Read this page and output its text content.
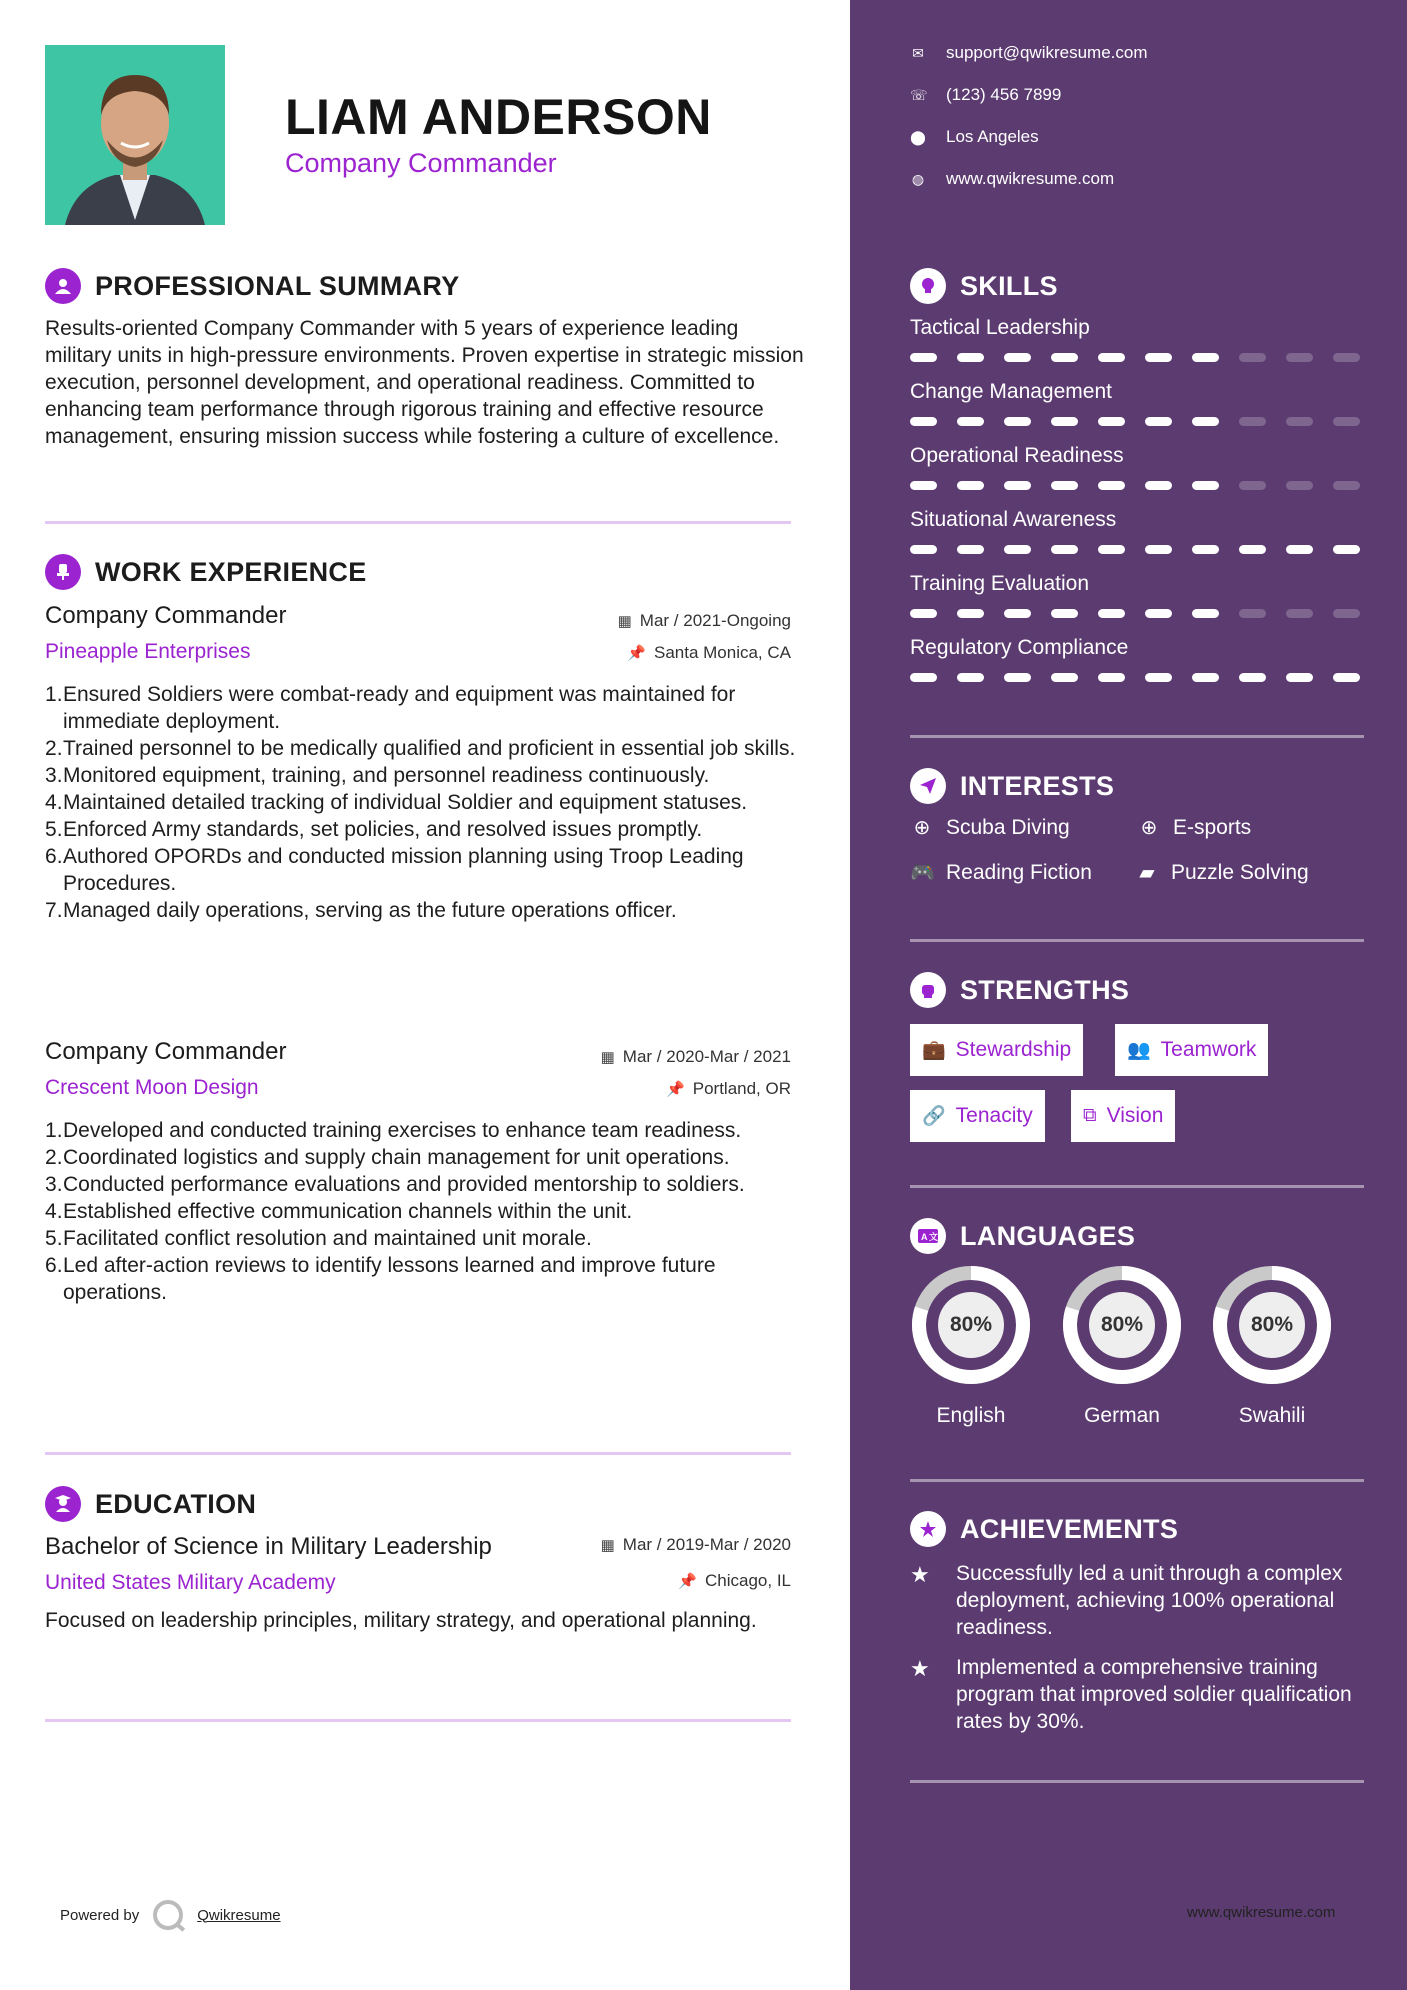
LIAM ANDERSON
Company Commander
PROFESSIONAL SUMMARY
Results-oriented Company Commander with 5 years of experience leading military units in high-pressure environments. Proven expertise in strategic mission execution, personnel development, and operational readiness. Committed to enhancing team performance through rigorous training and effective resource management, ensuring mission success while fostering a culture of excellence.
WORK EXPERIENCE
Company Commander	▦ Mar / 2021-Ongoing
Pineapple Enterprises	📌 Santa Monica, CA
Ensured Soldiers were combat-ready and equipment was maintained for immediate deployment.
Trained personnel to be medically qualified and proficient in essential job skills.
Monitored equipment, training, and personnel readiness continuously.
Maintained detailed tracking of individual Soldier and equipment statuses.
Enforced Army standards, set policies, and resolved issues promptly.
Authored OPORDs and conducted mission planning using Troop Leading Procedures.
Managed daily operations, serving as the future operations officer.
Company Commander	▦ Mar / 2020-Mar / 2021
Crescent Moon Design	📌 Portland, OR
Developed and conducted training exercises to enhance team readiness.
Coordinated logistics and supply chain management for unit operations.
Conducted performance evaluations and provided mentorship to soldiers.
Established effective communication channels within the unit.
Facilitated conflict resolution and maintained unit morale.
Led after-action reviews to identify lessons learned and improve future operations.
EDUCATION
Bachelor of Science in Military Leadership	▦ Mar / 2019-Mar / 2020
United States Military Academy	📌 Chicago, IL
Focused on leadership principles, military strategy, and operational planning.
Powered by	Qwikresume
✉ support@qwikresume.com
☏ (123) 456 7899
⬤ Los Angeles
◍ www.qwikresume.com
SKILLS
Tactical Leadership
Change Management
Operational Readiness
Situational Awareness
Training Evaluation
Regulatory Compliance
INTERESTS
⊕ Scuba Diving	⊕ E-sports
🎮 Reading Fiction ▰ Puzzle Solving
STRENGTHS
💼 Stewardship	👥 Teamwork
🔗 Tenacity	⧉ Vision
A 文 LANGUAGES
80%
English
80%
German
80%
Swahili
ACHIEVEMENTS
★	Successfully led a unit through a complex deployment, achieving 100% operational readiness.
★	Implemented a comprehensive training program that improved soldier qualification rates by 30%.
www.qwikresume.com
